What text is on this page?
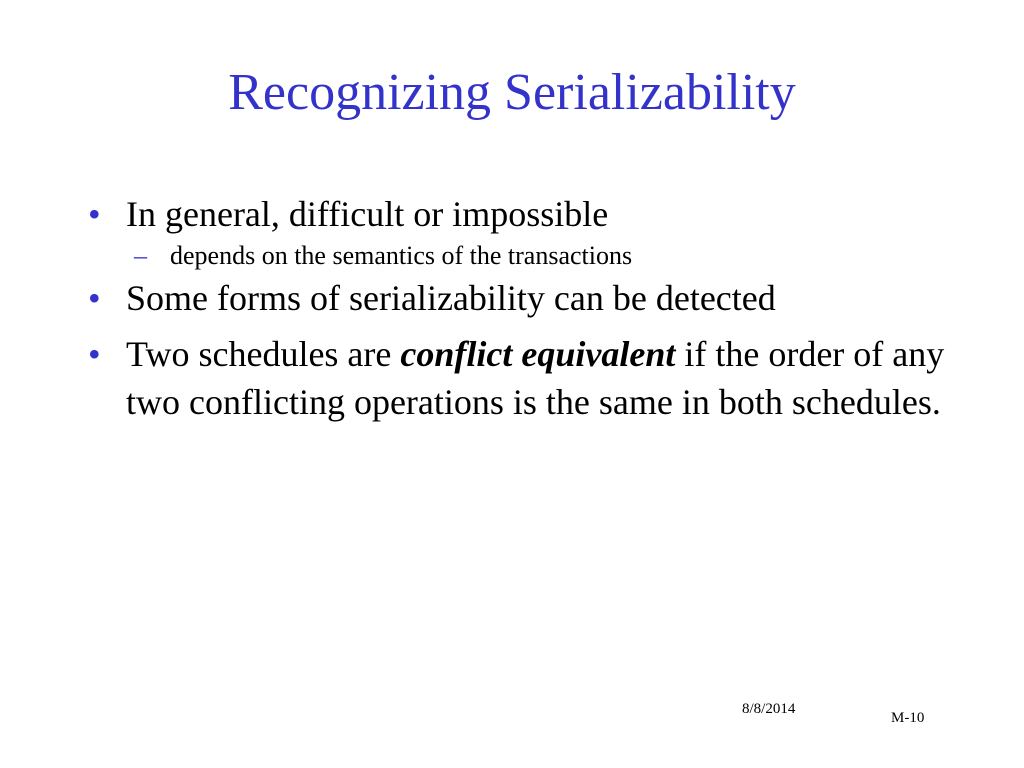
Recognizing Serializability
• In general, difficult or impossible
– depends on the semantics of the transactions
• Some forms of serializability can be detected
• Two schedules are conflict equivalent if the order of any two conflicting operations is the same in both schedules.
8/8/2014
M-10
